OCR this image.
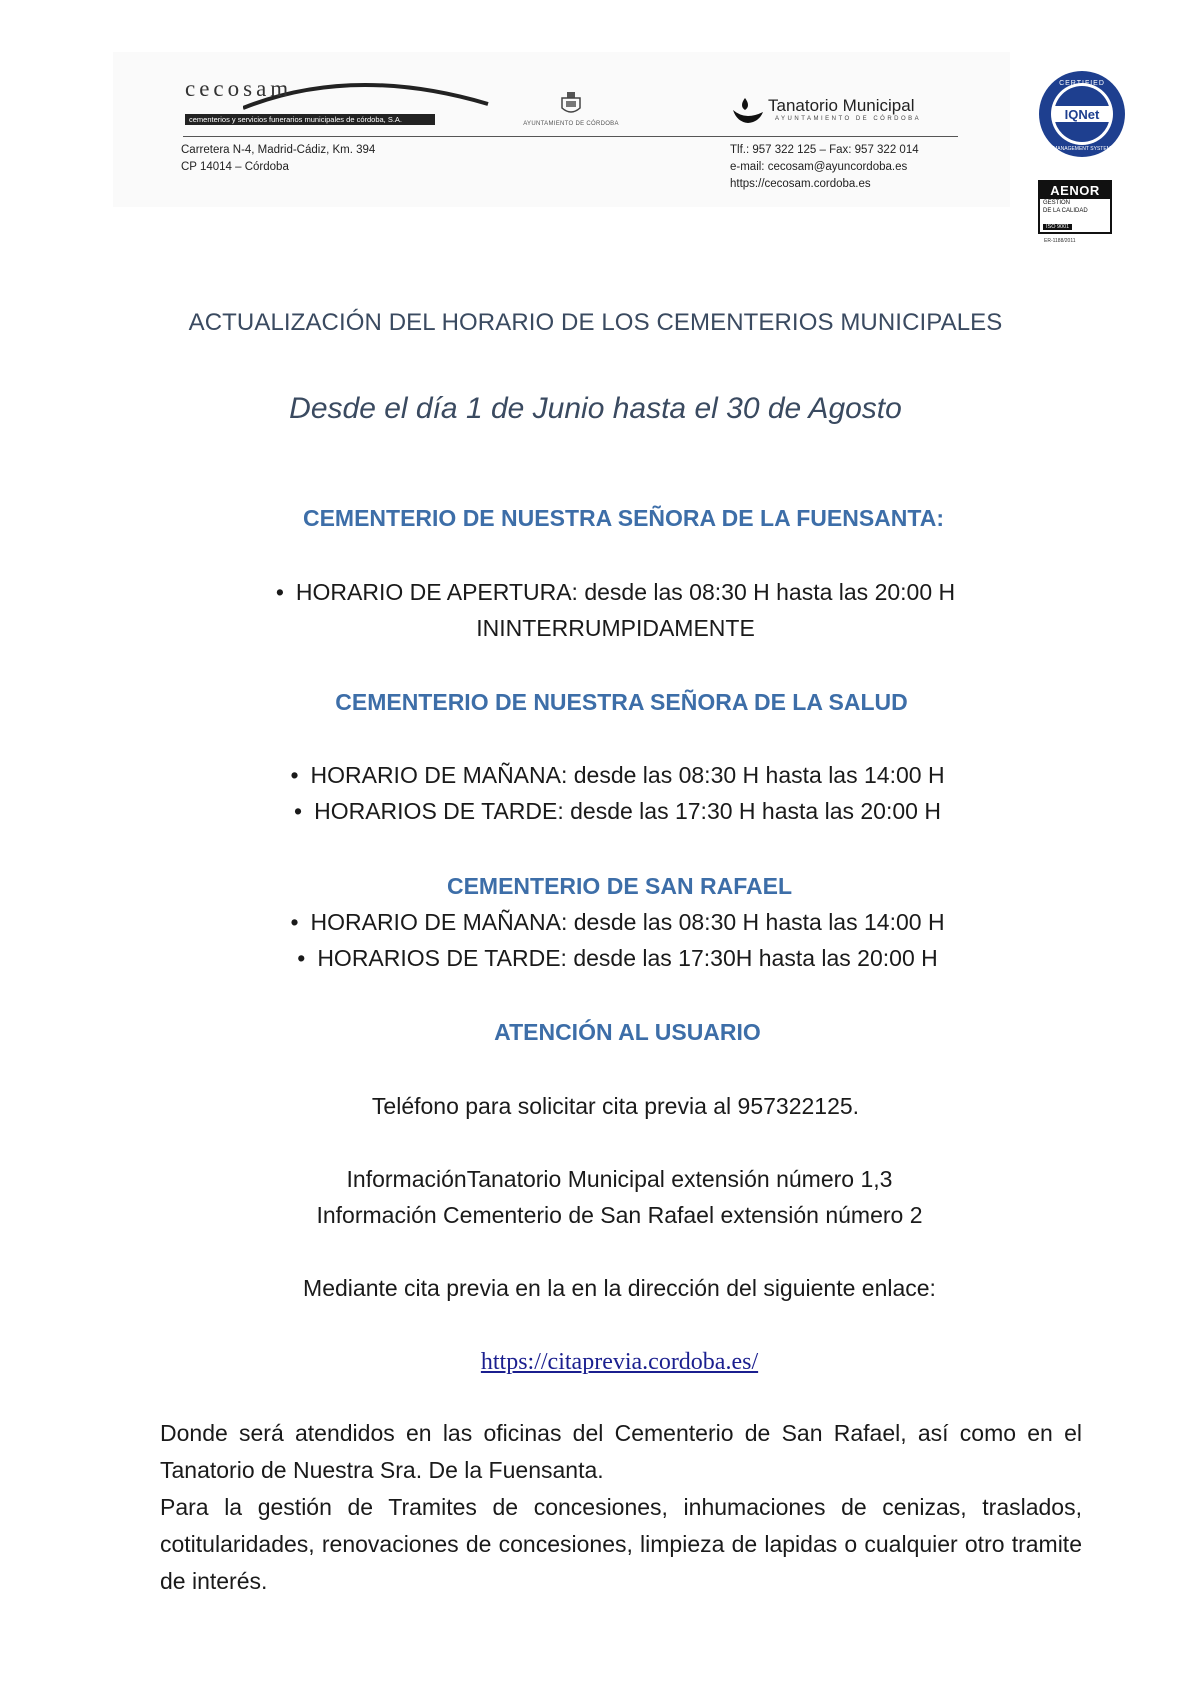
cecosam
cementerios y servicios funerarios municipales de córdoba, S.A.	AYUNTAMIENTO DE CÓRDOBA
Tanatorio Municipal
AYUNTAMIENTO DE CÓRDOBA
Carretera N-4, Madrid-Cádiz, Km. 394
CP 14014 – Córdoba
Tlf.: 957 322 125 – Fax: 957 322 014
e-mail: cecosam@ayuncordoba.es
https://cecosam.cordoba.es
IQNet
CERTIFIED
MANAGEMENT SYSTEM
AENOR
GESTIÓN
DE LA CALIDAD
ISO 9001
ER-1188/2011
ACTUALIZACIÓN DEL HORARIO DE LOS CEMENTERIOS MUNICIPALES
Desde el día 1 de Junio hasta el 30 de Agosto
CEMENTERIO DE NUESTRA SEÑORA DE LA FUENSANTA:
• HORARIO DE APERTURA: desde las 08:30 H hasta las 20:00 H
ININTERRUMPIDAMENTE
CEMENTERIO DE NUESTRA SEÑORA DE LA SALUD
• HORARIO DE MAÑANA: desde las 08:30 H hasta las 14:00 H
• HORARIOS DE TARDE: desde las 17:30 H hasta las 20:00 H
CEMENTERIO DE SAN RAFAEL
• HORARIO DE MAÑANA: desde las 08:30 H hasta las 14:00 H
• HORARIOS DE TARDE: desde las 17:30H hasta las 20:00 H
ATENCIÓN AL USUARIO
Teléfono para solicitar cita previa al 957322125.
InformaciónTanatorio Municipal extensión número 1,3
Información Cementerio de San Rafael extensión número 2
Mediante cita previa en la en la dirección del siguiente enlace:
https://citaprevia.cordoba.es/
Donde será atendidos en las oficinas del Cementerio de San Rafael, así como en el Tanatorio de Nuestra Sra. De la Fuensanta.
Para la gestión de Tramites de concesiones, inhumaciones de cenizas, traslados, cotitularidades, renovaciones de concesiones, limpieza de lapidas o cualquier otro tramite de interés.
